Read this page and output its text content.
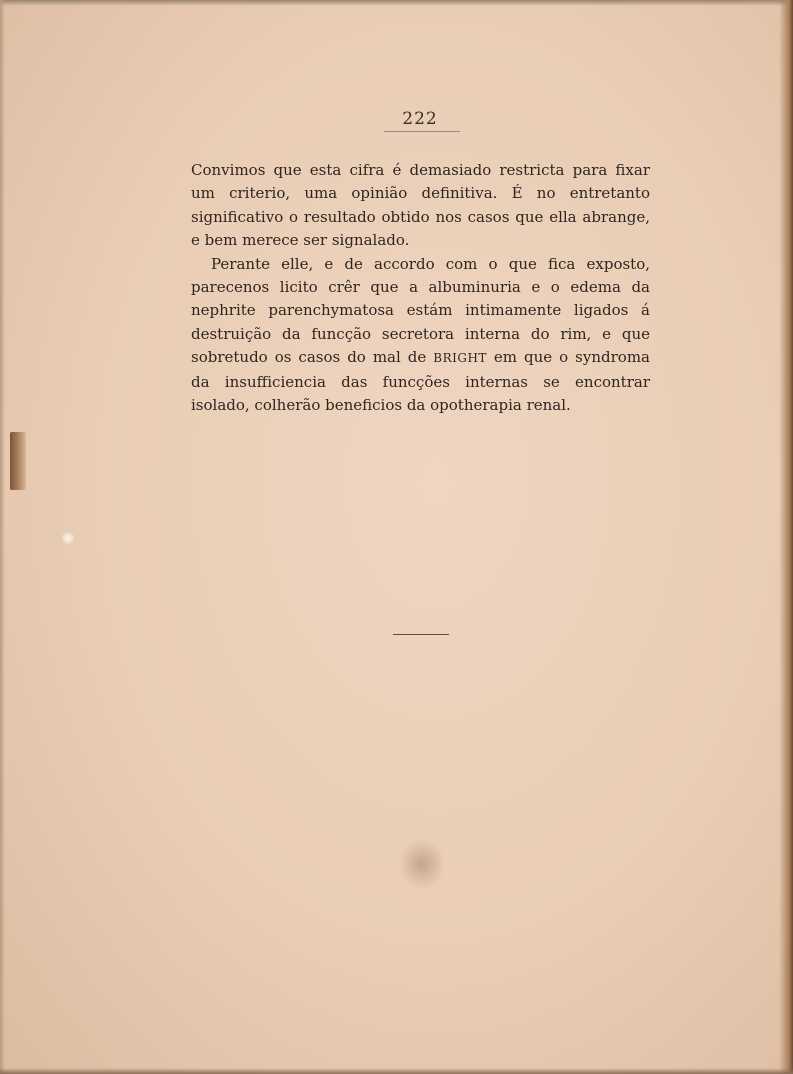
222

Convimos que esta cifra é demasiado restricta para fixar um criterio, uma opinião definitiva. É no entretanto significativo o resultado obtido nos casos que ella abrange, e bem merece ser signalado.

Perante elle, e de accordo com o que fica exposto, parecenos licito crêr que a albuminuria e o edema da nephrite parenchymatosa estám intimamente ligados á destruição da funcção secretora interna do rim, e que sobretudo os casos do mal de BRIGHT em que o syndroma da insufficiencia das funcções internas se encontrar isolado, colherão beneficios da opotherapia renal.
